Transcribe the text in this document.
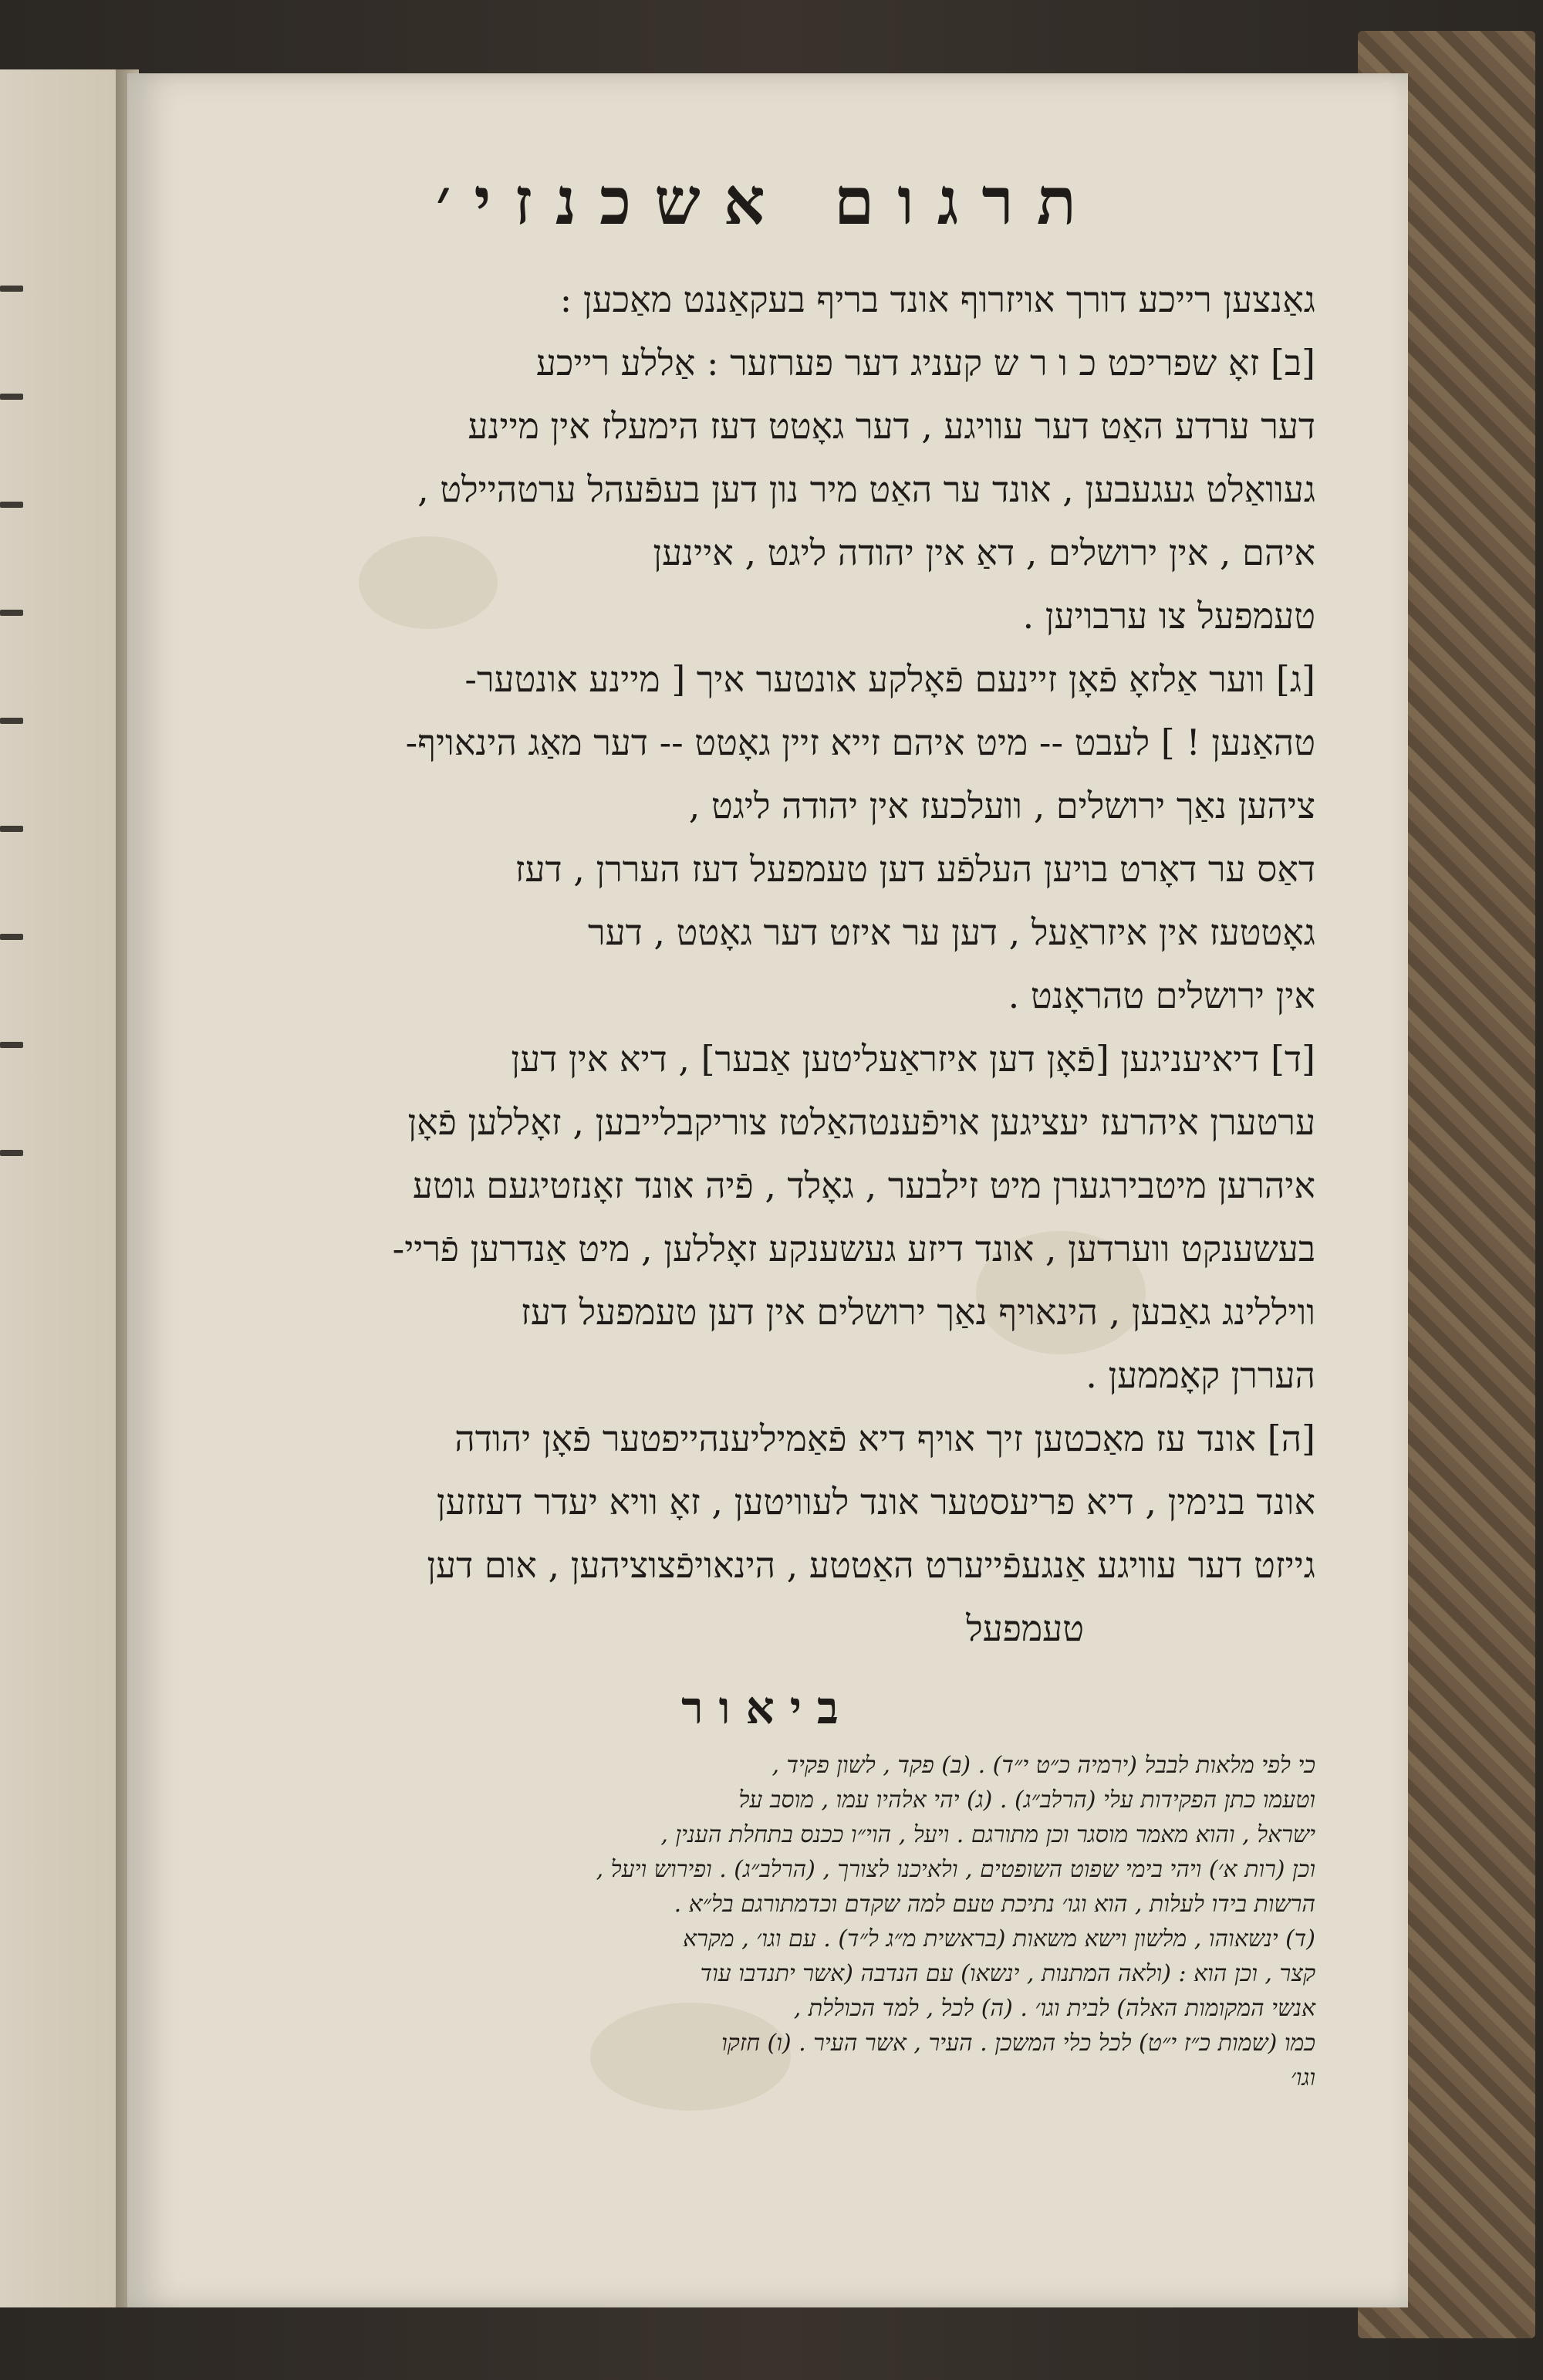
תרגום אשכנזי׳

גאַנצען רייכע דורך אויזרוף אונד בריף בעקאַננט מאַכען :

[ב] זאָ שפריכט כ ו ר ש קעניג דער פערזער : אַללע רייכע

דער ערדע האַט דער עוויגע , דער גאָטט דעז הימעלז אין מיינע

געוואַלט געגעבען , אונד ער האַט מיר נון דען בעפֿעהל ערטהיילט ,

איהם , אין ירושלים , דאַ אין יהודה ליגט , איינען

טעמפעל צו ערבויען .

[ג] ווער אַלזאָ פֿאָן זיינעם פֿאָלקע אונטער איך [ מיינע אונטער-

טהאַנען ! ] לעבט -- מיט איהם זייא זיין גאָטט -- דער מאַג הינאויף-

ציהען נאַך ירושלים , וועלכעז אין יהודה ליגט ,

דאַס ער דאָרט בויען העלפֿע דען טעמפעל דעז העררן , דעז

גאָטטעז אין איזראַעל , דען ער איזט דער גאָטט , דער

אין ירושלים טהראָנט .

[ד] דיאיעניגען [פֿאָן דען איזראַעליטען אַבער] , דיא אין דען

ערטערן איהרעז יעציגען אויפֿענטהאַלטז צוריקבלייבען , זאָללען פֿאָן

איהרען מיטבירגערן מיט זילבער , גאָלד , פֿיה אונד זאָנזטיגעם גוטע

בעשענקט ווערדען , אונד דיזע געשענקע זאָללען , מיט אַנדרען פֿריי-

וויללינג גאַבען , הינאויף נאַך ירושלים אין דען טעמפעל דעז

העררן קאָממען .

[ה] אונד עז מאַכטען זיך אויף דיא פֿאַמיליענהייפטער פֿאָן יהודה

אונד בנימין , דיא פריעסטער אונד לעוויטען , זאָ וויא יעדר דעזזען

גייזט דער עוויגע אַנגעפֿייערט האַטטע , הינאויפֿצוציהען , אום דען

טעמפעל

ביאור

כי לפי מלאות לבבל (ירמיה כ״ט י״ד) . (ב) פקד , לשון פקיד ,

וטעמו כתן הפקידות עלי (הרלב״ג) . (ג) יהי אלהיו עמו , מוסב על

ישראל , והוא מאמר מוסגר וכן מתורגם . ויעל , הוי״ו ככנס בתחלת הענין ,

וכן (רות א׳) ויהי בימי שפוט השופטים , ולאיכנו לצורך , (הרלב״ג) . ופירוש ויעל ,

הרשות בידו לעלות , הוא וגו׳ נתיכת טעם למה שקדם וכדמתורגם בל״א .

(ד) ינשאוהו , מלשון וישא משאות (בראשית מ״ג ל״ד) . עם וגו׳ , מקרא

קצר , וכן הוא : (ולאה המתנות , ינשאו) עם הנדבה (אשר יתנדבו עוד

אנשי המקומות האלה) לבית וגו׳ . (ה) לכל , למד הכוללת ,

כמו (שמות כ״ז י״ט) לכל כלי המשכן . העיר , אשר העיר . (ו) חזקו

וגו׳
